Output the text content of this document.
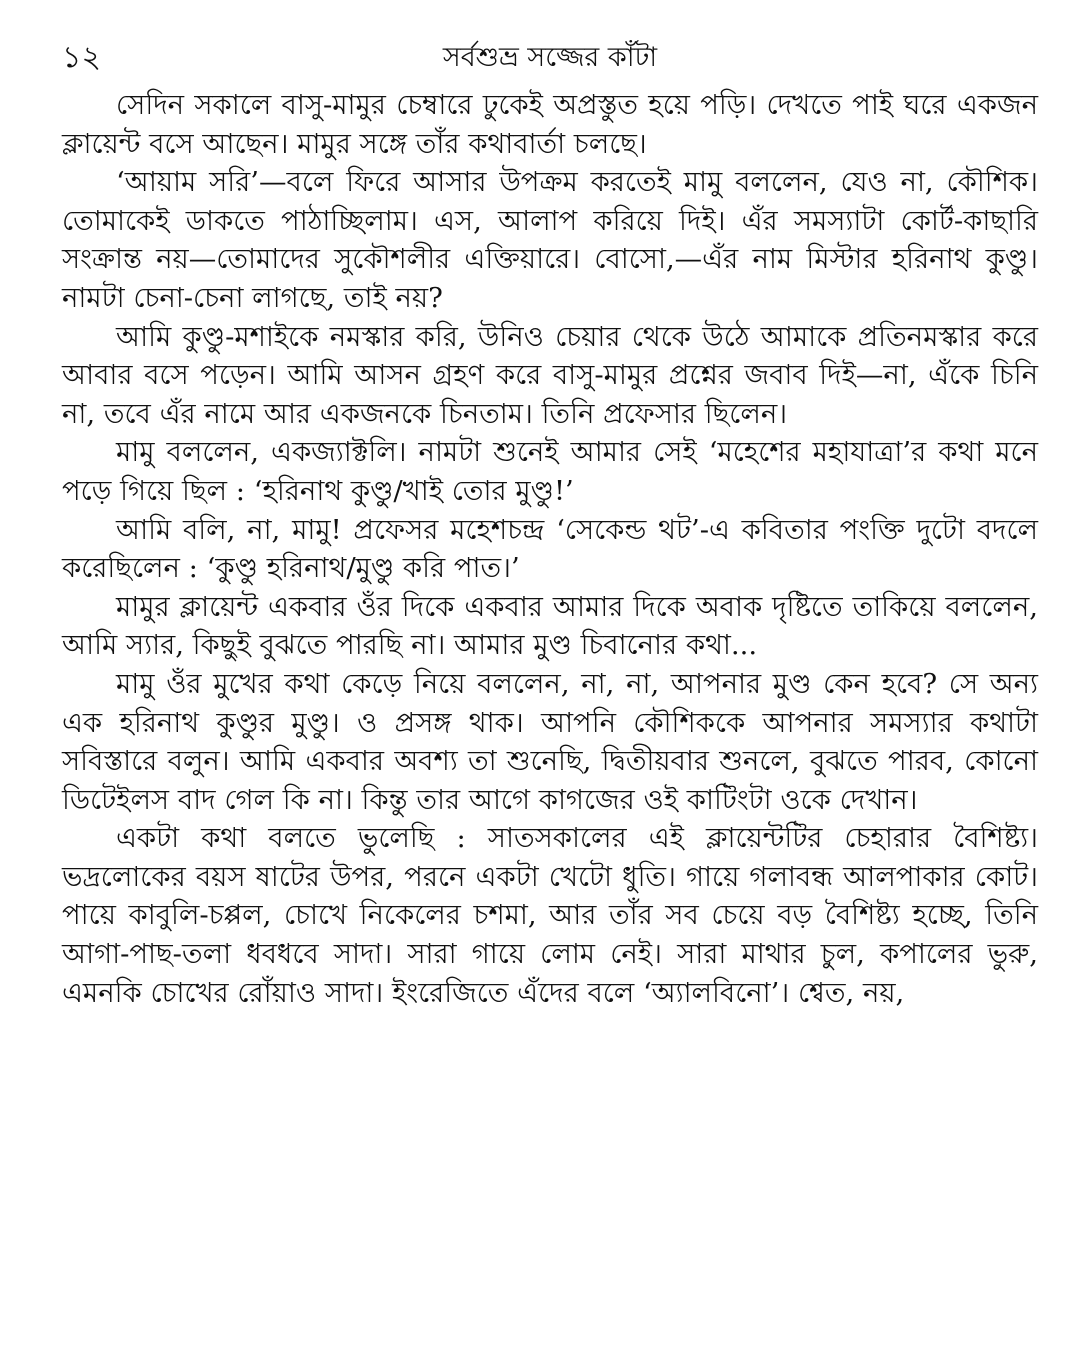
১২	সর্বশুভ্র সজ্জের কাঁটা

সেদিন সকালে বাসু-মামুর চেম্বারে ঢুকেই অপ্রস্তুত হয়ে পড়ি। দেখতে পাই ঘরে একজন ক্লায়েন্ট বসে আছেন। মামুর সঙ্গে তাঁর কথাবার্তা চলছে।

‘আয়াম সরি’—বলে ফিরে আসার উপক্রম করতেই মামু বললেন, যেও না, কৌশিক। তোমাকেই ডাকতে পাঠাচ্ছিলাম। এস, আলাপ করিয়ে দিই। এঁর সমস্যাটা কোর্ট-কাছারি সংক্রান্ত নয়—তোমাদের সুকৌশলীর এক্তিয়ারে। বোসো,—এঁর নাম মিস্টার হরিনাথ কুণ্ডু। নামটা চেনা-চেনা লাগছে, তাই নয়?

আমি কুণ্ডু-মশাইকে নমস্কার করি, উনিও চেয়ার থেকে উঠে আমাকে প্রতিনমস্কার করে আবার বসে পড়েন। আমি আসন গ্রহণ করে বাসু-মামুর প্রশ্নের জবাব দিই—না, এঁকে চিনি না, তবে এঁর নামে আর একজনকে চিনতাম। তিনি প্রফেসার ছিলেন।

মামু বললেন, একজ্যাক্টলি। নামটা শুনেই আমার সেই ‘মহেশের মহাযাত্রা’র কথা মনে পড়ে গিয়ে ছিল : ‘হরিনাথ কুণ্ডু/খাই তোর মুণ্ডু!’

আমি বলি, না, মামু! প্রফেসর মহেশচন্দ্র ‘সেকেন্ড থট’-এ কবিতার পংক্তি দুটো বদলে করেছিলেন : ‘কুণ্ডু হরিনাথ/মুণ্ডু করি পাত।’

মামুর ক্লায়েন্ট একবার ওঁর দিকে একবার আমার দিকে অবাক দৃষ্টিতে তাকিয়ে বললেন, আমি স্যার, কিছুই বুঝতে পারছি না। আমার মুণ্ড চিবানোর কথা...

মামু ওঁর মুখের কথা কেড়ে নিয়ে বললেন, না, না, আপনার মুণ্ড কেন হবে? সে অন্য এক হরিনাথ কুণ্ডুর মুণ্ডু। ও প্রসঙ্গ থাক। আপনি কৌশিককে আপনার সমস্যার কথাটা সবিস্তারে বলুন। আমি একবার অবশ্য তা শুনেছি, দ্বিতীয়বার শুনলে, বুঝতে পারব, কোনো ডিটেইলস বাদ গেল কি না। কিন্তু তার আগে কাগজের ওই কাটিংটা ওকে দেখান।

একটা কথা বলতে ভুলেছি : সাতসকালের এই ক্লায়েন্টটির চেহারার বৈশিষ্ট্য। ভদ্রলোকের বয়স ষাটের উপর, পরনে একটা খেটো ধুতি। গায়ে গলাবন্ধ আলপাকার কোট। পায়ে কাবুলি-চপ্পল, চোখে নিকেলের চশমা, আর তাঁর সব চেয়ে বড় বৈশিষ্ট্য হচ্ছে, তিনি আগা-পাছ-তলা ধবধবে সাদা। সারা গায়ে লোম নেই। সারা মাথার চুল, কপালের ভুরু, এমনকি চোখের রোঁয়াও সাদা। ইংরেজিতে এঁদের বলে ‘অ্যালবিনো’। শ্বেত, নয়,
